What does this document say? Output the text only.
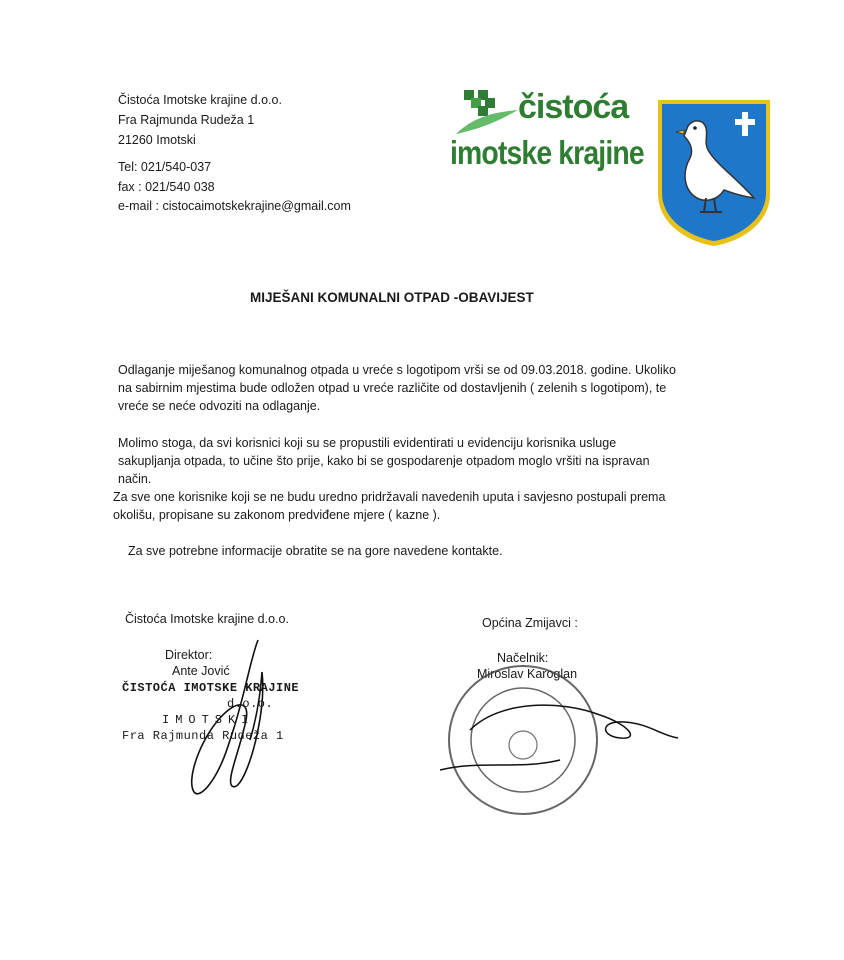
Čistoća Imotske krajine d.o.o.
Fra Rajmunda Rudeža 1
21260 Imotski
Tel: 021/540-037
fax : 021/540 038
e-mail : cistocaimotskekrajine@gmail.com
čistoća
imotske krajine
MIJEŠANI KOMUNALNI OTPAD -OBAVIJEST
Odlaganje miješanog komunalnog otpada u vreće s logotipom vrši se od 09.03.2018. godine. Ukoliko na sabirnim mjestima bude odložen otpad u vreće različite od dostavljenih ( zelenih s logotipom), te vreće se neće odvoziti na odlaganje.
Molimo stoga, da svi korisnici koji su se propustili evidentirati u evidenciju korisnika usluge sakupljanja otpada, to učine što prije, kako bi se gospodarenje otpadom moglo vršiti na ispravan način.
Za sve one korisnike koji se ne budu uredno pridržavali navedenih uputa i savjesno postupali prema okolišu, propisane su zakonom predviđene mjere ( kazne ).
Za sve potrebne informacije obratite se na gore navedene kontakte.
Čistoća Imotske krajine d.o.o.
Direktor:
Ante Jović
ČISTOĆA IMOTSKE KRAJINE
d.o.o.
IMOTSKI
Fra Rajmunda Rudeža 1
Općina Zmijavci :
Načelnik:
Miroslav Karoglan
